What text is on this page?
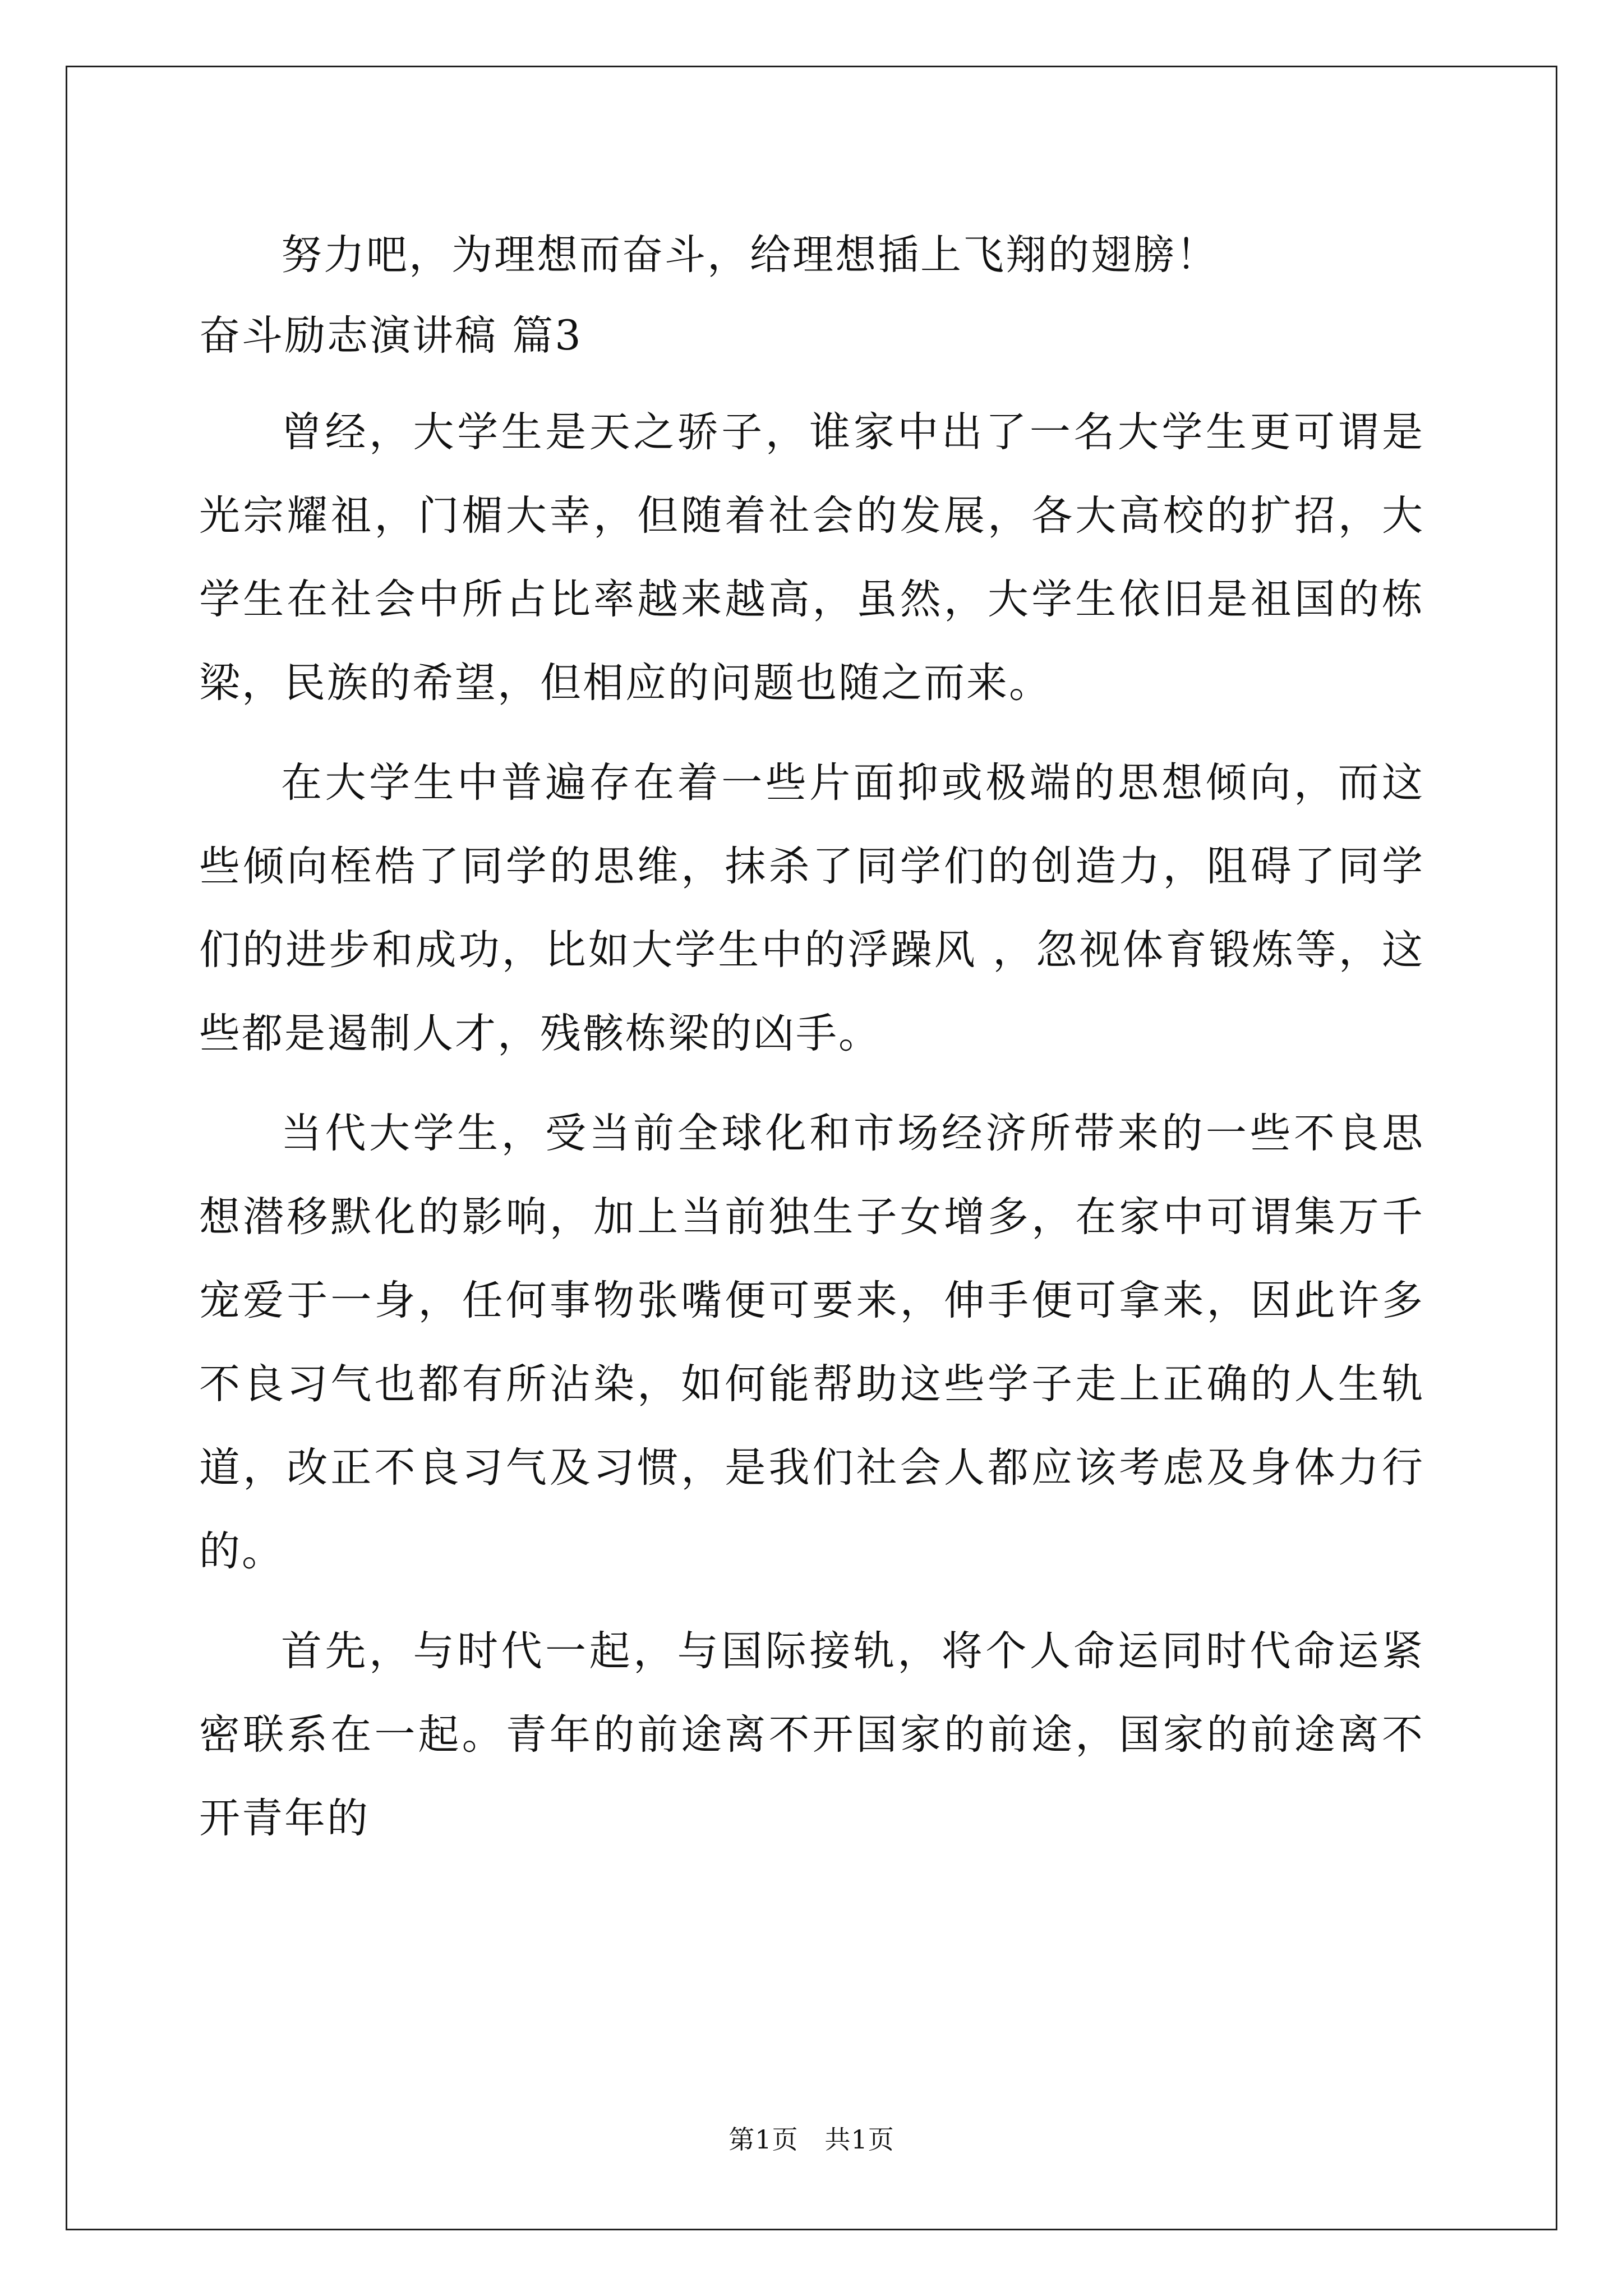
努力吧，为理想而奋斗，给理想插上飞翔的翅膀！

奋斗励志演讲稿 篇3

曾经，大学生是天之骄子，谁家中出了一名大学生更可谓是光宗耀祖，门楣大幸，但随着社会的发展，各大高校的扩招，大学生在社会中所占比率越来越高，虽然，大学生依旧是祖国的栋梁，民族的希望，但相应的问题也随之而来。

在大学生中普遍存在着一些片面抑或极端的思想倾向，而这些倾向桎梏了同学的思维，抹杀了同学们的创造力，阻碍了同学们的进步和成功，比如大学生中的浮躁风 ，忽视体育锻炼等，这些都是遏制人才，残骸栋梁的凶手。

当代大学生，受当前全球化和市场经济所带来的一些不良思想潜移默化的影响，加上当前独生子女增多，在家中可谓集万千宠爱于一身，任何事物张嘴便可要来，伸手便可拿来，因此许多不良习气也都有所沾染，如何能帮助这些学子走上正确的人生轨道，改正不良习气及习惯，是我们社会人都应该考虑及身体力行的。

首先，与时代一起，与国际接轨，将个人命运同时代命运紧密联系在一起。青年的前途离不开国家的前途，国家的前途离不开青年的

第1页   共1页
